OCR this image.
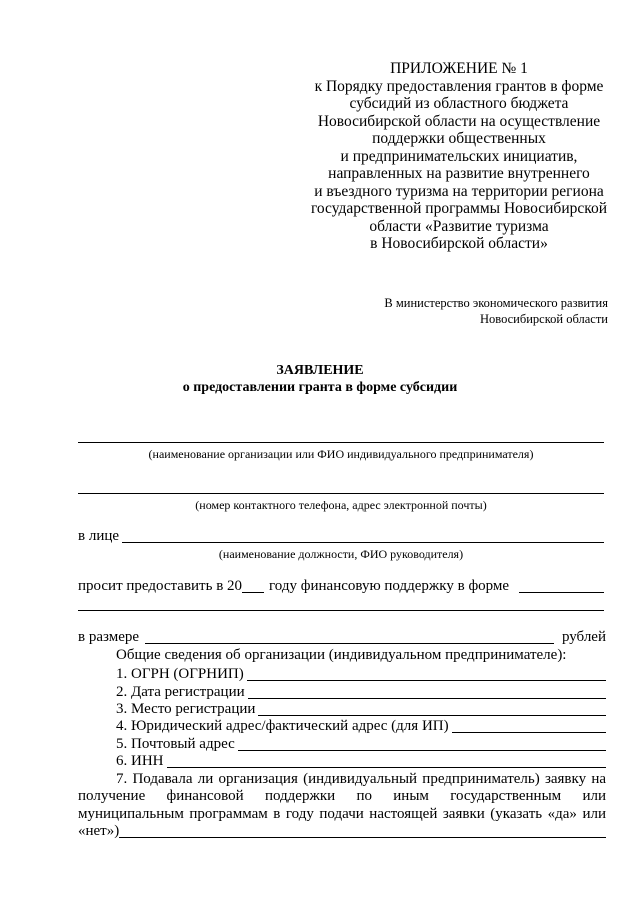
ПРИЛОЖЕНИЕ № 1
к Порядку предоставления грантов в форме
субсидий из областного бюджета
Новосибирской области на осуществление
поддержки общественных
и предпринимательских инициатив,
направленных на развитие внутреннего
и въездного туризма на территории региона
государственной программы Новосибирской
области «Развитие туризма
в Новосибирской области»
В министерство экономического развития
Новосибирской области
ЗАЯВЛЕНИЕ
о предоставлении гранта в форме субсидии
(наименование организации или ФИО индивидуального предпринимателя)
(номер контактного телефона, адрес электронной почты)
в лице
(наименование должности, ФИО руководителя)
просит предоставить в 20 году финансовую поддержку в форме
в размере	рублей
Общие сведения об организации (индивидуальном предпринимателе):
1. ОГРН (ОГРНИП)
2. Дата регистрации
3. Место регистрации
4. Юридический адрес/фактический адрес (для ИП)
5. Почтовый адрес
6. ИНН
7. Подавала ли организация (индивидуальный предприниматель) заявку на
получение финансовой поддержки по иным государственным или
муниципальным программам в году подачи настоящей заявки (указать «да» или
«нет»)
